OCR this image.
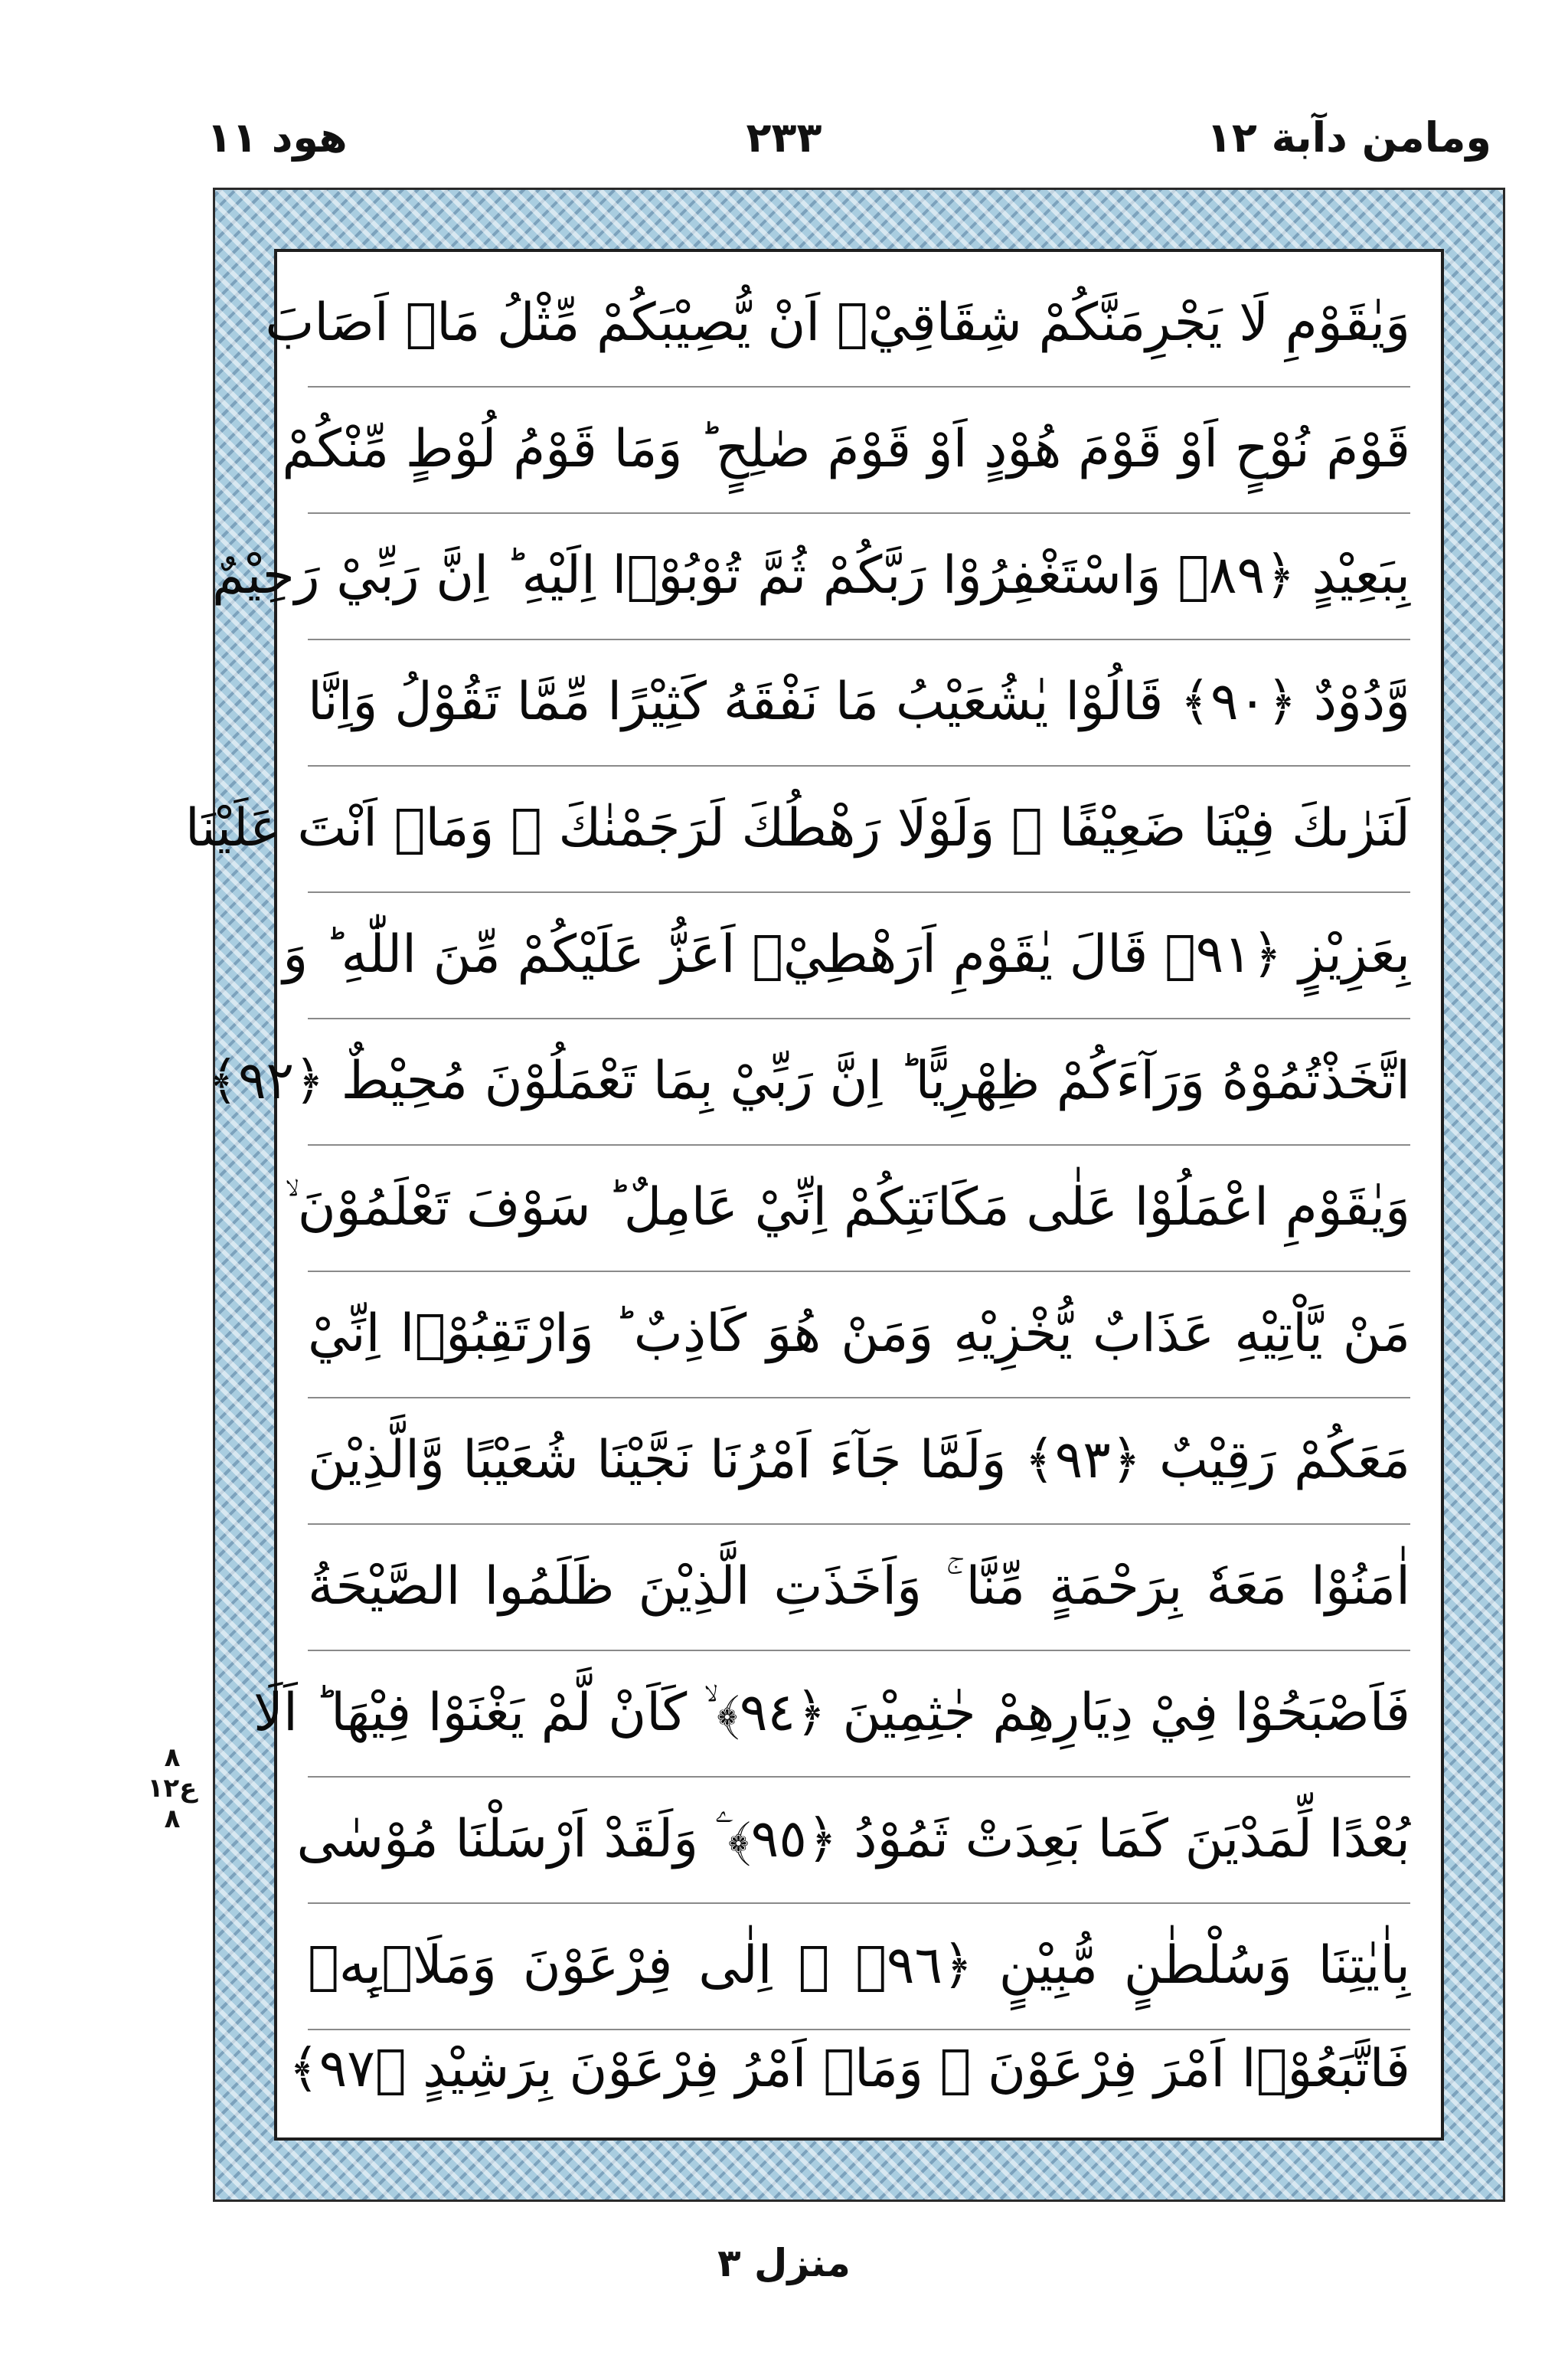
هود ١١	٢٣٣	ومامن دآبة ١٢
وَيٰقَوْمِ لَا يَجْرِمَنَّكُمْ شِقَاقِيْۤ اَنْ يُّصِيْبَكُمْ مِّثْلُ مَاۤ اَصَابَ
قَوْمَ نُوْحٍ اَوْ قَوْمَ هُوْدٍ اَوْ قَوْمَ صٰلِحٍ ؕ وَمَا قَوْمُ لُوْطٍ مِّنْكُمْ
بِبَعِيْدٍ ﴿٨٩﴾ وَاسْتَغْفِرُوْا رَبَّكُمْ ثُمَّ تُوْبُوْۤا اِلَيْهِ ؕ اِنَّ رَبِّيْ رَحِيْمٌ
وَّدُوْدٌ ﴿٩٠﴾ قَالُوْا يٰشُعَيْبُ مَا نَفْقَهُ كَثِيْرًا مِّمَّا تَقُوْلُ وَاِنَّا
لَنَرٰىكَ فِيْنَا ضَعِيْفًا ۚ وَلَوْلَا رَهْطُكَ لَرَجَمْنٰكَ ؗ وَمَاۤ اَنْتَ عَلَيْنَا
بِعَزِيْزٍ ﴿٩١﴾ قَالَ يٰقَوْمِ اَرَهْطِيْۤ اَعَزُّ عَلَيْكُمْ مِّنَ اللّٰهِ ؕ وَ
اتَّخَذْتُمُوْهُ وَرَآءَكُمْ ظِهْرِيًّا ؕ اِنَّ رَبِّيْ بِمَا تَعْمَلُوْنَ مُحِيْطٌ ﴿٩٢﴾
وَيٰقَوْمِ اعْمَلُوْا عَلٰى مَكَانَتِكُمْ اِنِّيْ عَامِلٌ ؕ سَوْفَ تَعْلَمُوْنَ ۙ
مَنْ يَّاْتِيْهِ عَذَابٌ يُّخْزِيْهِ وَمَنْ هُوَ كَاذِبٌ ؕ وَارْتَقِبُوْۤا اِنِّيْ
مَعَكُمْ رَقِيْبٌ ﴿٩٣﴾ وَلَمَّا جَآءَ اَمْرُنَا نَجَّيْنَا شُعَيْبًا وَّالَّذِيْنَ
اٰمَنُوْا مَعَهٗ بِرَحْمَةٍ مِّنَّا ۚ وَاَخَذَتِ الَّذِيْنَ ظَلَمُوا الصَّيْحَةُ
فَاَصْبَحُوْا فِيْ دِيَارِهِمْ جٰثِمِيْنَ ﴿٩٤﴾ ۙ كَاَنْ لَّمْ يَغْنَوْا فِيْهَا ؕ اَلَا
بُعْدًا لِّمَدْيَنَ كَمَا بَعِدَتْ ثَمُوْدُ ﴿٩٥﴾ ۧ وَلَقَدْ اَرْسَلْنَا مُوْسٰى
بِاٰيٰتِنَا وَسُلْطٰنٍ مُّبِيْنٍ ﴿٩٦﴾ ۙ اِلٰى فِرْعَوْنَ وَمَلَا۟ىِٕهٖ
فَاتَّبَعُوْۤا اَمْرَ فِرْعَوْنَ ۚ وَمَاۤ اَمْرُ فِرْعَوْنَ بِرَشِيْدٍ ﴿٩٧﴾
٨
ع١٢
٨
منزل ٣
